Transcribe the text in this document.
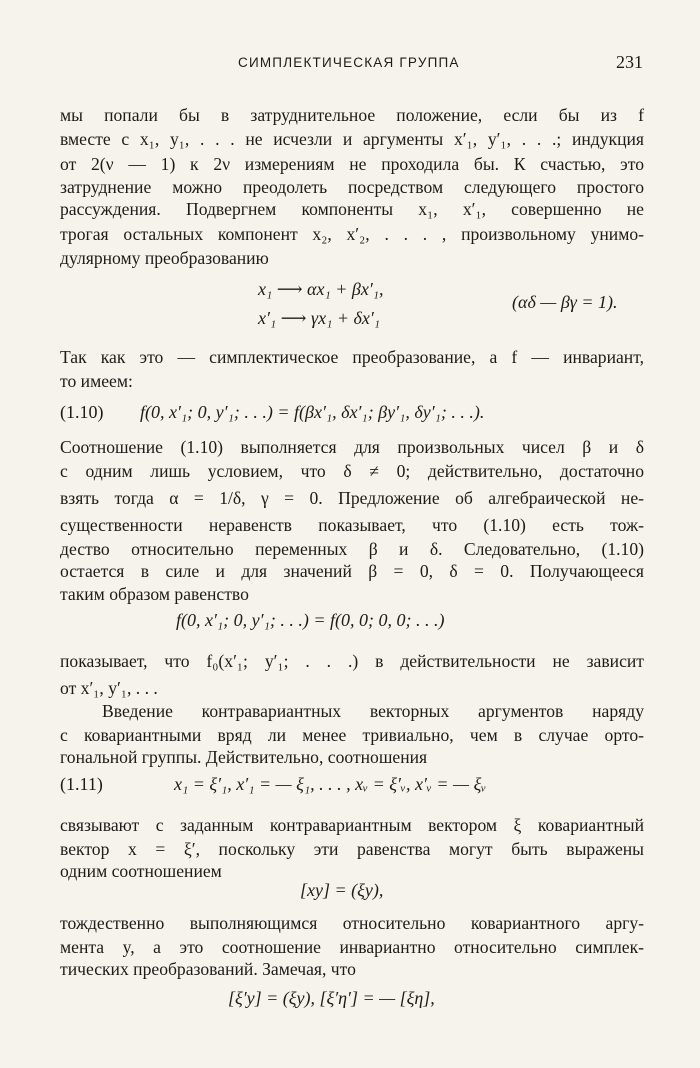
СИМПЛЕКТИЧЕСКАЯ ГРУППА	231
мы попали бы в затруднительное положение, если бы из f
вместе с x₁, y₁, . . . не исчезли и аргументы x′₁, y′₁, . . .; индукция
от 2(ν — 1) к 2ν измерениям не проходила бы. К счастью, это
затруднение можно преодолеть посредством следующего простого
рассуждения. Подвергнем компоненты x₁, x′₁, совершенно не
трогая остальных компонент x₂, x′₂, . . . , произвольному унимо-
дулярному преобразованию
x₁ ⟶ αx₁ + βx′₁,
x′₁ ⟶ γx₁ + δx′₁
(αδ — βγ = 1).
Так как это — симплектическое преобразование, а f — инвариант,
то имеем:
(1.10) f(0, x′₁; 0, y′₁; . . .) = f(βx′₁, δx′₁; βy′₁, δy′₁; . . .).
Соотношение (1.10) выполняется для произвольных чисел β и δ
с одним лишь условием, что δ ≠ 0; действительно, достаточно
взять тогда α = 1/δ, γ = 0. Предложение об алгебраической не-
существенности неравенств показывает, что (1.10) есть тож-
дество относительно переменных β и δ. Следовательно, (1.10)
остается в силе и для значений β = 0, δ = 0. Получающееся
таким образом равенство
f(0, x′₁; 0, y′₁; . . .) = f(0, 0; 0, 0; . . .)
показывает, что f₀(x′₁; y′₁; . . .) в действительности не зависит
от x′₁, y′₁, . . .
Введение контравариантных векторных аргументов наряду
с ковариантными вряд ли менее тривиально, чем в случае орто-
гональной группы. Действительно, соотношения
(1.11)	x₁ = ξ′₁, x′₁ = — ξ₁, . . . , xᵥ = ξ′ᵥ, x′ᵥ = — ξᵥ
связывают с заданным контравариантным вектором ξ ковариантный
вектор x = ξ′, поскольку эти равенства могут быть выражены
одним соотношением
[xy] = (ξy),
тождественно выполняющимся относительно ковариантного аргу-
мента y, а это соотношение инвариантно относительно симплек-
тических преобразований. Замечая, что
[ξ′y] = (ξy), [ξ′η′] = — [ξη],
